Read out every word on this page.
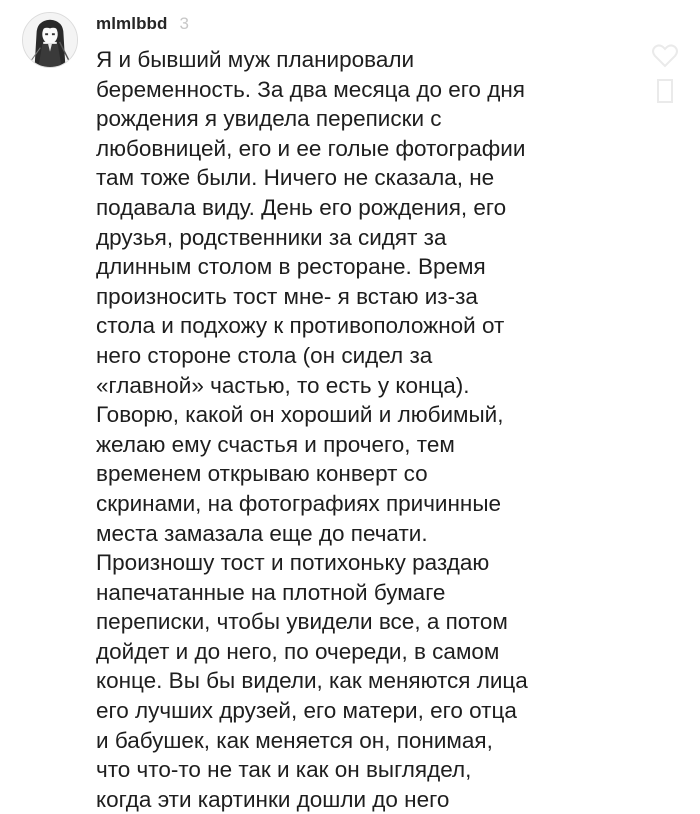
mlmlbbd 3

Я и бывший муж планировали
беременность. За два месяца до его дня
рождения я увидела переписки с
любовницей, его и ее голые фотографии
там тоже были. Ничего не сказала, не
подавала виду. День его рождения, его
друзья, родственники за сидят за
длинным столом в ресторане. Время
произносить тост мне- я встаю из-за
стола и подхожу к противоположной от
него стороне стола (он сидел за
«главной» частью, то есть у конца).
Говорю, какой он хороший и любимый,
желаю ему счастья и прочего, тем
временем открываю конверт со
скринами, на фотографиях причинные
места замазала еще до печати.
Произношу тост и потихоньку раздаю
напечатанные на плотной бумаге
переписки, чтобы увидели все, а потом
дойдет и до него, по очереди, в самом
конце. Вы бы видели, как меняются лица
его лучших друзей, его матери, его отца
и бабушек, как меняется он, понимая,
что что-то не так и как он выглядел,
когда эти картинки дошли до него
